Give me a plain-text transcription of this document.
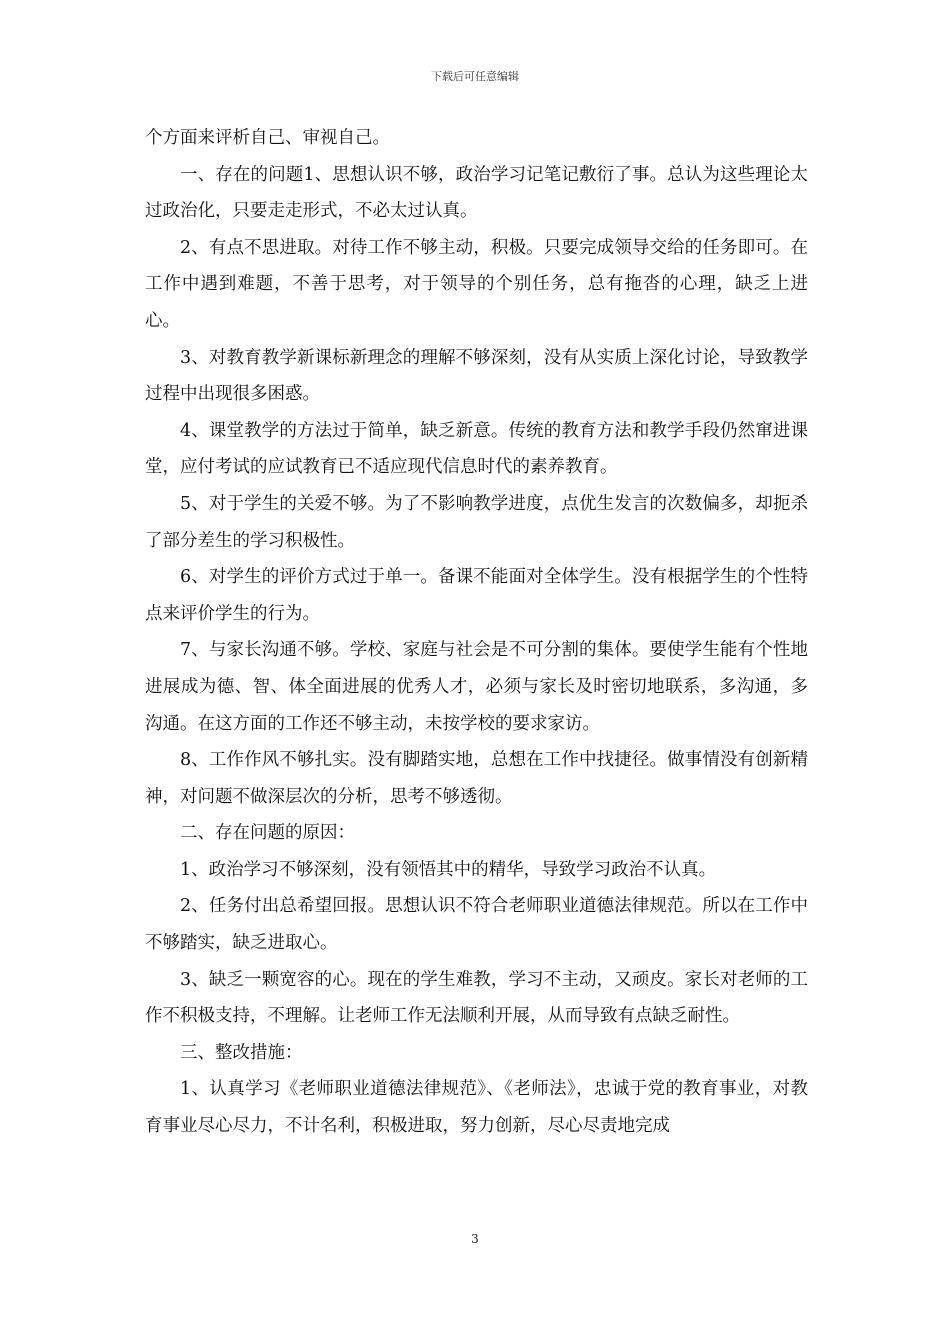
下载后可任意编辑

个方面来评析自己、审视自己。

一、存在的问题1、思想认识不够，政治学习记笔记敷衍了事。总认为这些理论太过政治化，只要走走形式，不必太过认真。

2、有点不思进取。对待工作不够主动，积极。只要完成领导交给的任务即可。在工作中遇到难题，不善于思考，对于领导的个别任务，总有拖沓的心理，缺乏上进心。

3、对教育教学新课标新理念的理解不够深刻，没有从实质上深化讨论，导致教学过程中出现很多困惑。

4、课堂教学的方法过于简单，缺乏新意。传统的教育方法和教学手段仍然窜进课堂，应付考试的应试教育已不适应现代信息时代的素养教育。

5、对于学生的关爱不够。为了不影响教学进度，点优生发言的次数偏多，却扼杀了部分差生的学习积极性。

6、对学生的评价方式过于单一。备课不能面对全体学生。没有根据学生的个性特点来评价学生的行为。

7、与家长沟通不够。学校、家庭与社会是不可分割的集体。要使学生能有个性地进展成为德、智、体全面进展的优秀人才，必须与家长及时密切地联系，多沟通，多沟通。在这方面的工作还不够主动，未按学校的要求家访。

8、工作作风不够扎实。没有脚踏实地，总想在工作中找捷径。做事情没有创新精神，对问题不做深层次的分析，思考不够透彻。

二、存在问题的原因：

1、政治学习不够深刻，没有领悟其中的精华，导致学习政治不认真。

2、任务付出总希望回报。思想认识不符合老师职业道德法律规范。所以在工作中不够踏实，缺乏进取心。

3、缺乏一颗宽容的心。现在的学生难教，学习不主动，又顽皮。家长对老师的工作不积极支持，不理解。让老师工作无法顺利开展，从而导致有点缺乏耐性。

三、整改措施：

1、认真学习《老师职业道德法律规范》、《老师法》，忠诚于党的教育事业，对教育事业尽心尽力，不计名利，积极进取，努力创新，尽心尽责地完成

3
